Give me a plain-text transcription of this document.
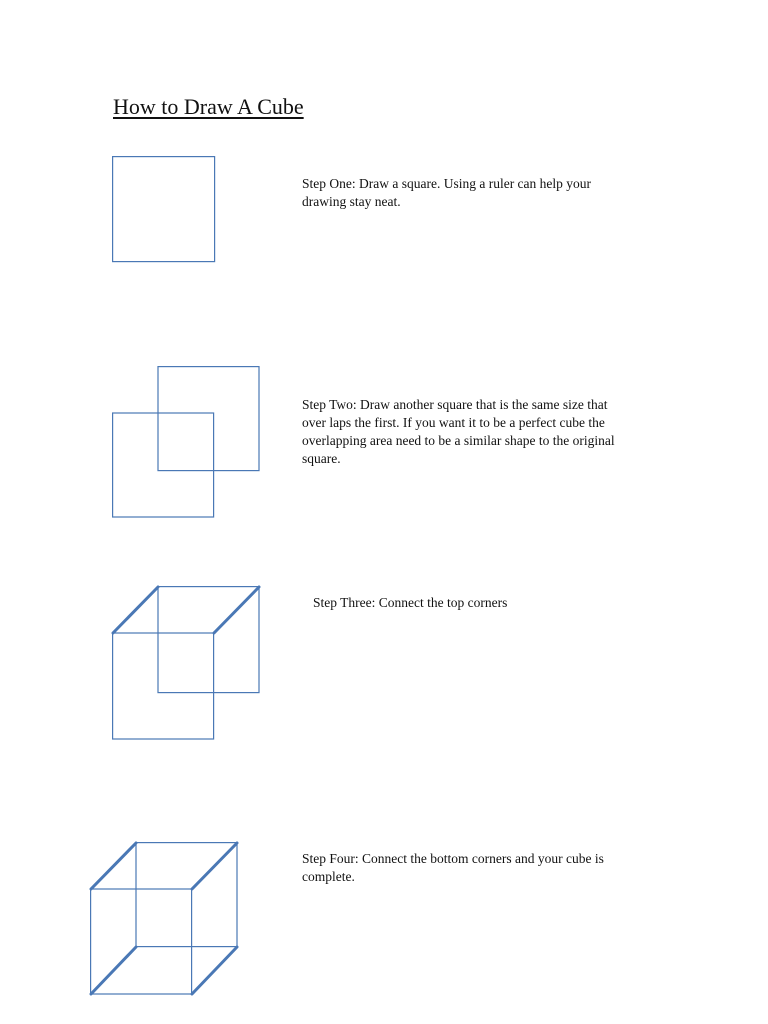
How to Draw A Cube
Step One: Draw a square. Using a ruler can help your drawing stay neat.
Step Two: Draw another square that is the same size that over laps the first. If you want it to be a perfect cube the overlapping area need to be a similar shape to the original square.
Step Three: Connect the top corners
Step Four: Connect the bottom corners and your cube is complete.
